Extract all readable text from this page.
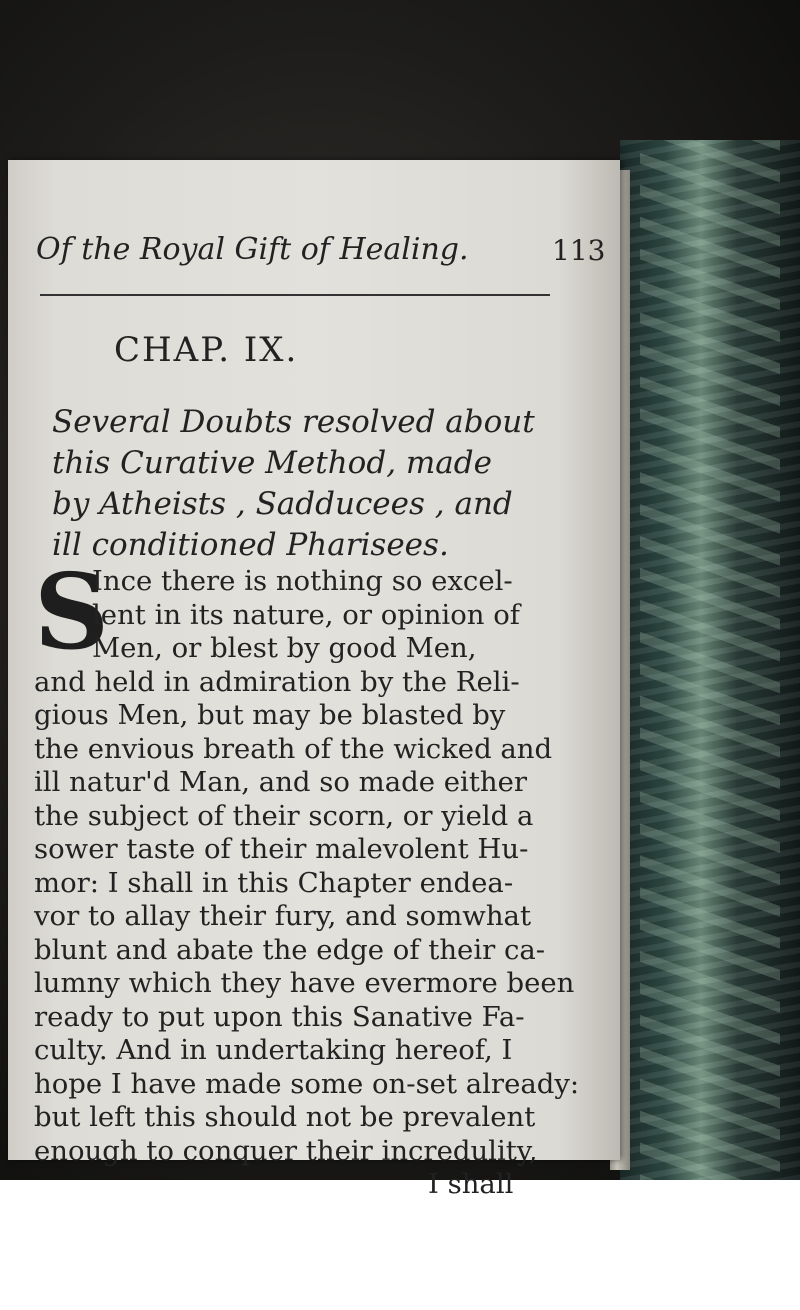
Of the Royal Gift of Healing.	113
CHAP. IX.
Several Doubts resolved about
this Curative Method, made
by Atheists , Sadducees , and
ill conditioned Pharisees.
S
Ince there is nothing so excel-
lent in its nature, or opinion of
Men, or blest by good Men,
and held in admiration by the Reli-
gious Men, but may be blasted by
the envious breath of the wicked and
ill natur'd Man, and so made either
the subject of their scorn, or yield a
sower taste of their malevolent Hu-
mor: I shall in this Chapter endea-
vor to allay their fury, and somwhat
blunt and abate the edge of their ca-
lumny which they have evermore been
ready to put upon this Sanative Fa-
culty. And in undertaking hereof, I
hope I have made some on-set already:
but left this should not be prevalent
enough to conquer their incredulity,
I shall
